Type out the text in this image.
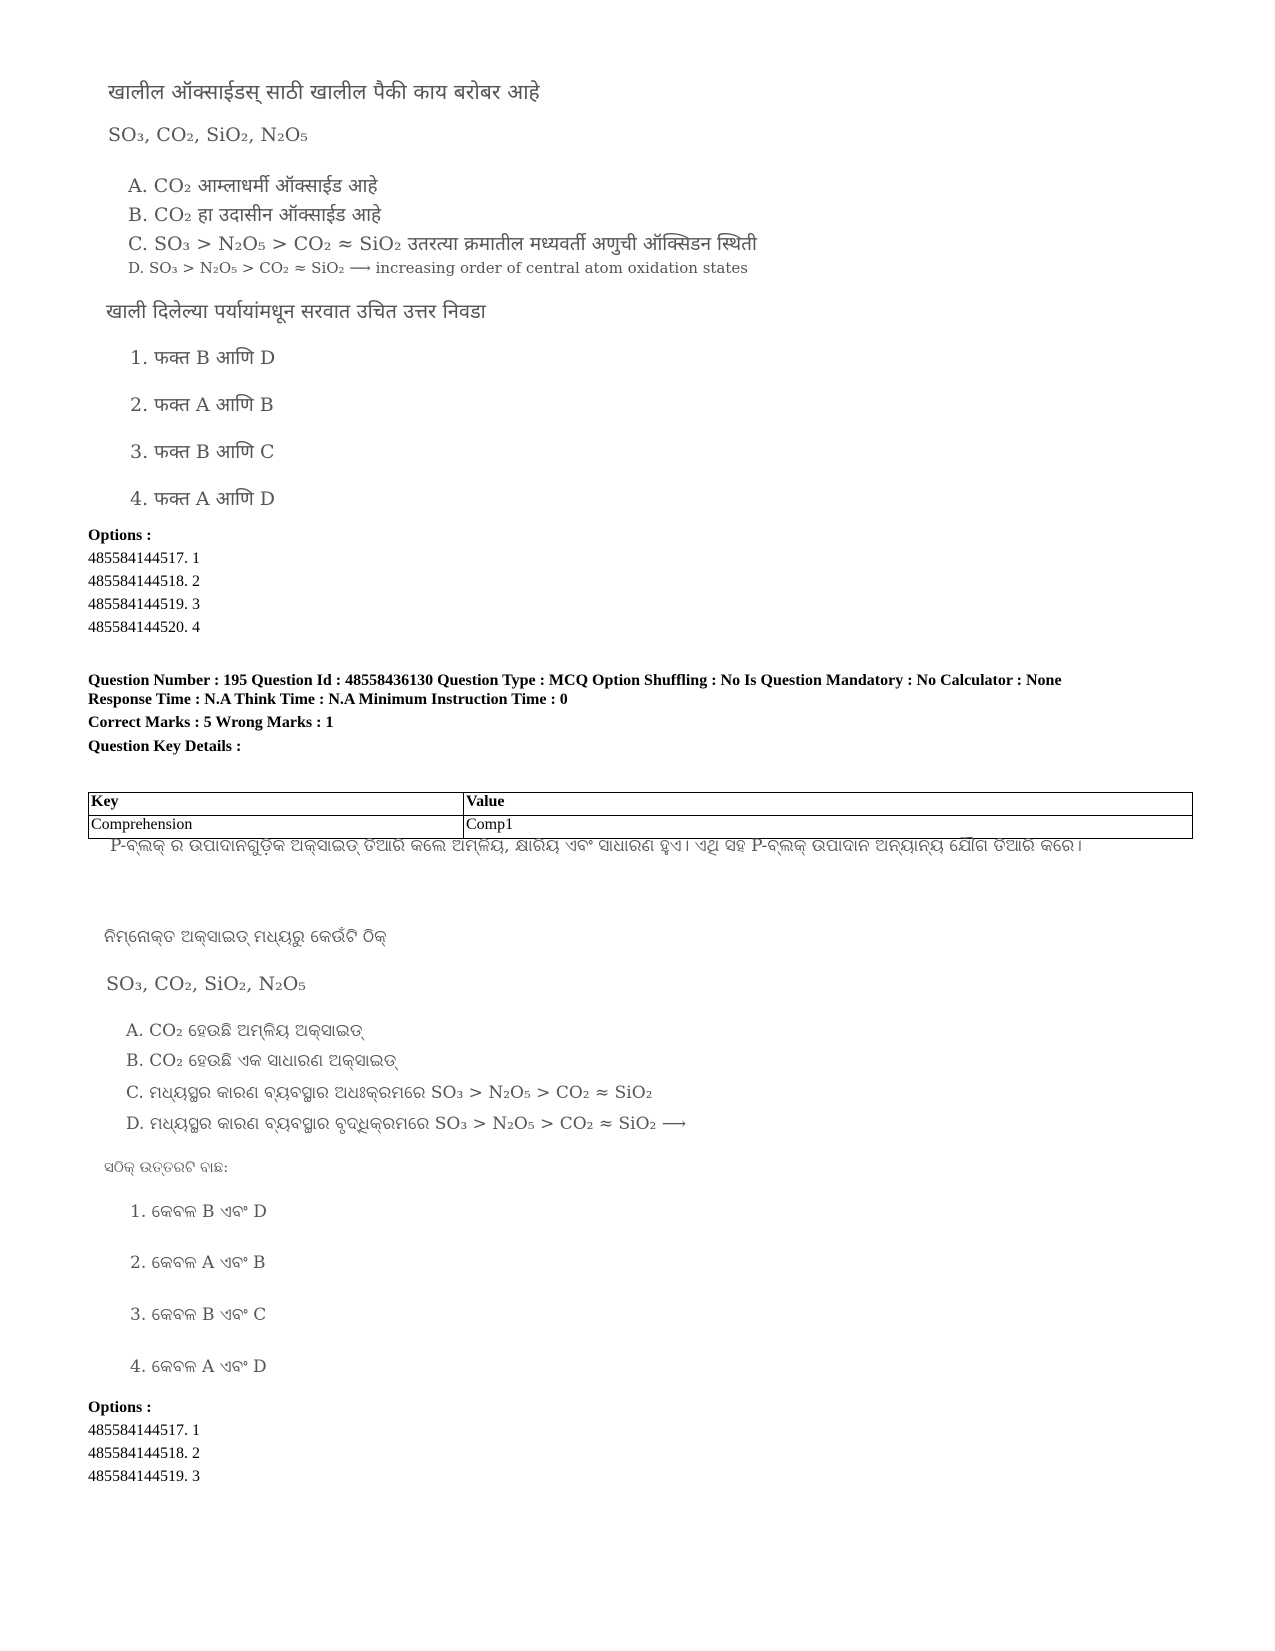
खालील ऑक्साईडस् साठी खालील पैकी काय बरोबर आहे
SO₃, CO₂, SiO₂, N₂O₅
A. CO₂ आम्लाधर्मी ऑक्साईड आहे
B. CO₂ हा उदासीन ऑक्साईड आहे
C. SO₃ > N₂O₅ > CO₂ ≈ SiO₂ उतरत्या क्रमातील मध्यवर्ती अणुची ऑक्सिडन स्थिती
D. SO₃ > N₂O₅ > CO₂ ≈ SiO₂ ⟶ increasing order of central atom oxidation states
खाली दिलेल्या पर्यायांमधून सरवात उचित उत्तर निवडा
1. फक्त B आणि D
2. फक्त A आणि B
3. फक्त B आणि C
4. फक्त A आणि D
Options :
485584144517. 1
485584144518. 2
485584144519. 3
485584144520. 4
Question Number : 195 Question Id : 48558436130 Question Type : MCQ Option Shuffling : No Is Question Mandatory : No Calculator : None
Response Time : N.A Think Time : N.A Minimum Instruction Time : 0
Correct Marks : 5 Wrong Marks : 1
Question Key Details :
Key	Value
Comprehension	Comp1
P-ବ୍ଲକ୍ ର ଉପାଦାନଗୁଡ଼ିକ ଅକ୍ସାଇଡ୍ ତିଆରି କଲେ ଅମ୍ଳିୟ, କ୍ଷାରିୟ ଏବଂ ସାଧାରଣ ହୁଏ। ଏଥି ସହ P-ବ୍ଲକ୍ ଉପାଦାନ ଅନ୍ୟାନ୍ୟ ଯୌଗ ତିଆରି କରେ।
ନିମ୍ନୋକ୍ତ ଅକ୍ସାଇଡ୍ ମଧ୍ୟରୁ କେଉଁଟି ଠିକ୍
SO₃, CO₂, SiO₂, N₂O₅
A. CO₂ ହେଉଛି ଅମ୍ଳିୟ ଅକ୍ସାଇଡ୍
B. CO₂ ହେଉଛି ଏକ ସାଧାରଣ ଅକ୍ସାଇଡ୍
C. ମଧ୍ୟସ୍ଥର କାରଣ ବ୍ୟବସ୍ଥାର ଅଧଃକ୍ରମରେ SO₃ > N₂O₅ > CO₂ ≈ SiO₂
D. ମଧ୍ୟସ୍ଥର କାରଣ ବ୍ୟବସ୍ଥାର ବୃଦ୍ଧିକ୍ରମରେ SO₃ > N₂O₅ > CO₂ ≈ SiO₂ ⟶
ସଠିକ୍ ଉତ୍ତରଟି ବାଛ:
1. କେବଳ B ଏବଂ D
2. କେବଳ A ଏବଂ B
3. କେବଳ B ଏବଂ C
4. କେବଳ A ଏବଂ D
Options :
485584144517. 1
485584144518. 2
485584144519. 3
